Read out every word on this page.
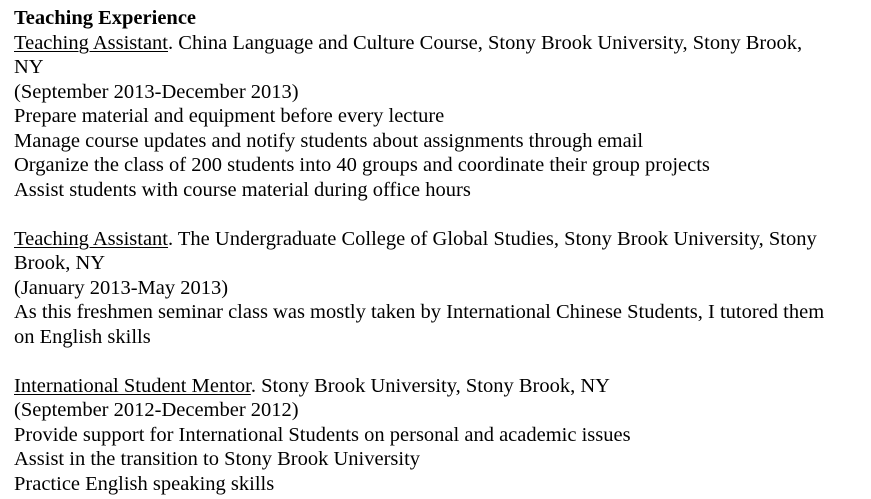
Teaching Experience
Teaching Assistant. China Language and Culture Course, Stony Brook University, Stony Brook, NY
(September 2013-December 2013)
Prepare material and equipment before every lecture
Manage course updates and notify students about assignments through email
Organize the class of 200 students into 40 groups and coordinate their group projects
Assist students with course material during office hours
Teaching Assistant. The Undergraduate College of Global Studies, Stony Brook University, Stony Brook, NY
(January 2013-May 2013)
As this freshmen seminar class was mostly taken by International Chinese Students, I tutored them on English skills
International Student Mentor. Stony Brook University, Stony Brook, NY
(September 2012-December 2012)
Provide support for International Students on personal and academic issues
Assist in the transition to Stony Brook University
Practice English speaking skills
